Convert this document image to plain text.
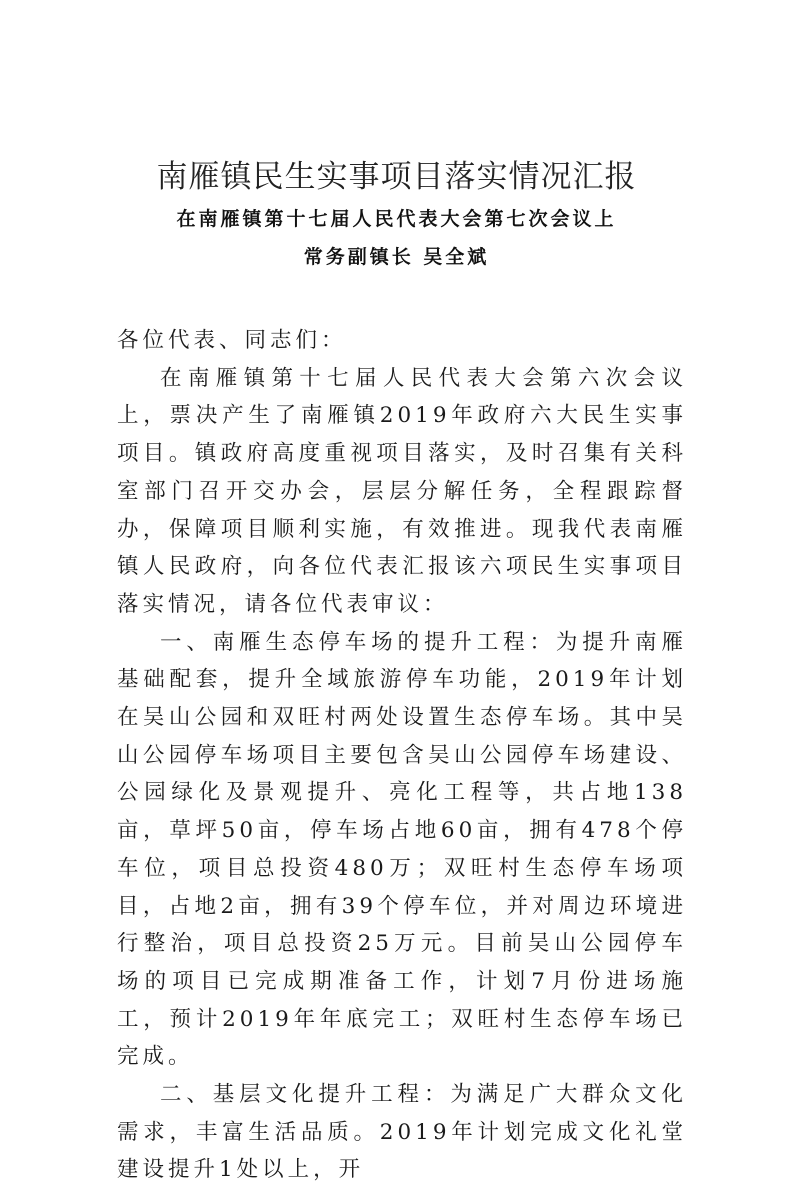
南雁镇民生实事项目落实情况汇报
在南雁镇第十七届人民代表大会第七次会议上
常务副镇长 吴全斌

各位代表、同志们：

在南雁镇第十七届人民代表大会第六次会议上，票决产生了南雁镇2019年政府六大民生实事项目。镇政府高度重视项目落实，及时召集有关科室部门召开交办会，层层分解任务，全程跟踪督办，保障项目顺利实施，有效推进。现我代表南雁镇人民政府，向各位代表汇报该六项民生实事项目落实情况，请各位代表审议：

一、南雁生态停车场的提升工程：为提升南雁基础配套，提升全域旅游停车功能，2019年计划在吴山公园和双旺村两处设置生态停车场。其中吴山公园停车场项目主要包含吴山公园停车场建设、公园绿化及景观提升、亮化工程等，共占地138亩，草坪50亩，停车场占地60亩，拥有478个停车位，项目总投资480万；双旺村生态停车场项目，占地2亩，拥有39个停车位，并对周边环境进行整治，项目总投资25万元。目前吴山公园停车场的项目已完成期准备工作，计划7月份进场施工，预计2019年年底完工；双旺村生态停车场已完成。

二、基层文化提升工程：为满足广大群众文化需求，丰富生活品质。2019年计划完成文化礼堂建设提升1处以上，开
